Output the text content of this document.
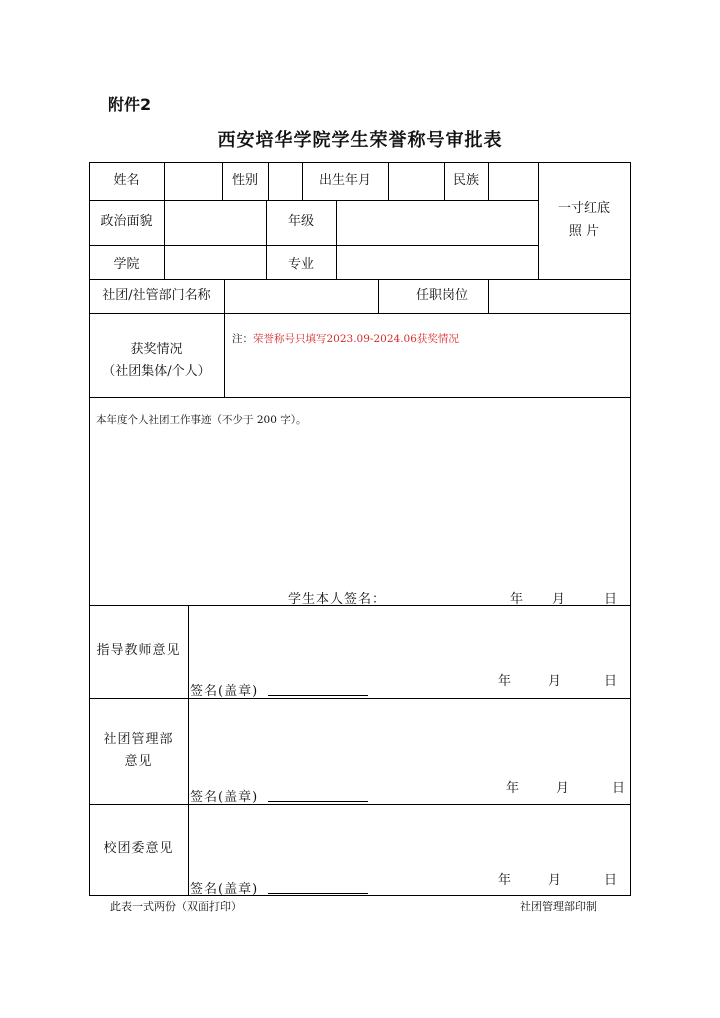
附件2
西安培华学院学生荣誉称号审批表
姓名	性别	出生年月	民族
一寸红底
照 片
政治面貌	年级
学院	专业
社团/社管部门名称	任职岗位
获奖情况
（社团集体/个人）
注： 荣誉称号只填写2023.09-2024.06获奖情况
本年度个人社团工作事迹（不少于 200 字）。
学生本人签名：	年 月	日
指导教师意见
签名(盖章)
年	月	日
社团管理部
意见
签名(盖章)
年	月	日
校团委意见
签名(盖章)
年	月	日
此表一式两份（双面打印）	社团管理部印制
